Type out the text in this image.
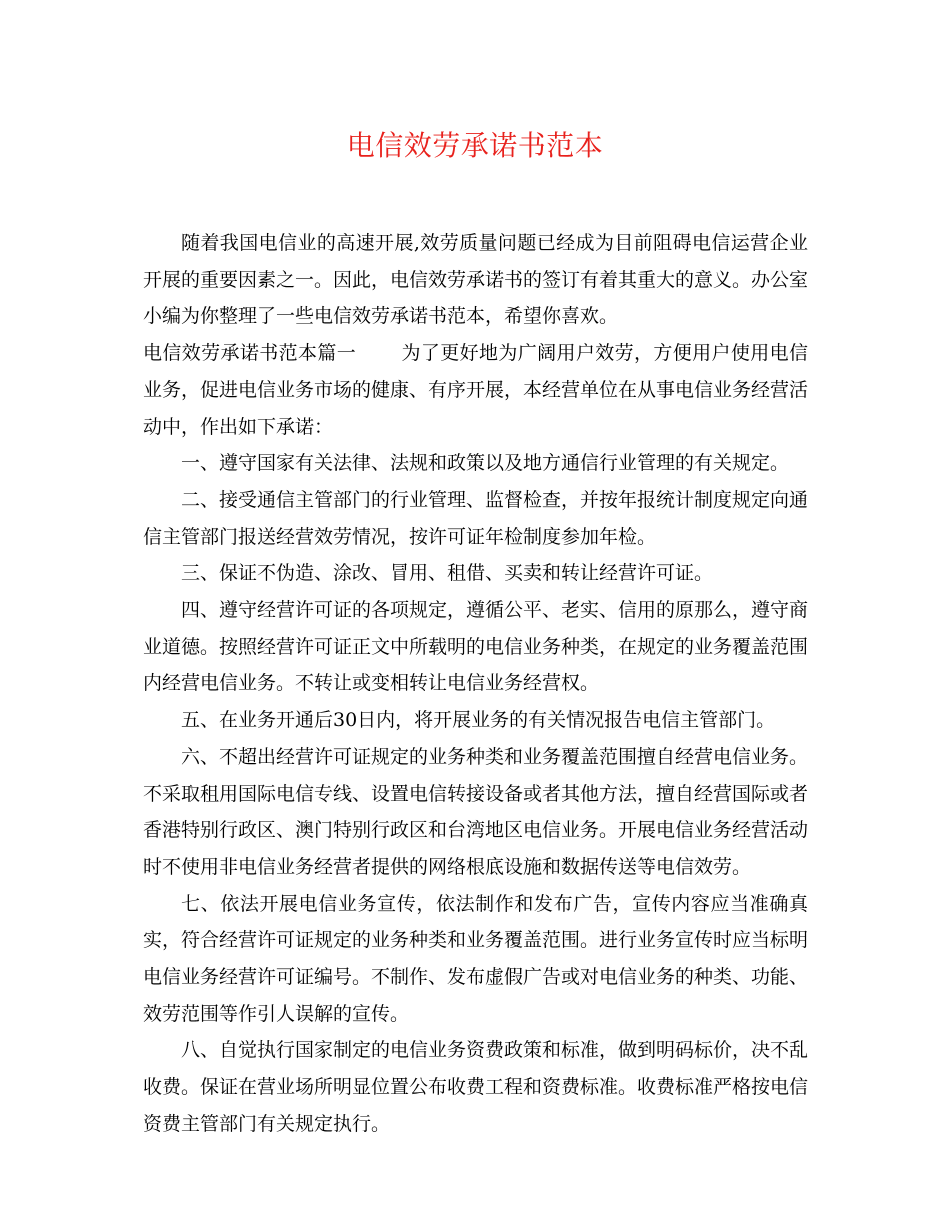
电信效劳承诺书范本

随着我国电信业的高速开展,效劳质量问题已经成为目前阻碍电信运营企业开展的重要因素之一。因此，电信效劳承诺书的签订有着其重大的意义。办公室小编为你整理了一些电信效劳承诺书范本，希望你喜欢。

电信效劳承诺书范本篇一 为了更好地为广阔用户效劳，方便用户使用电信业务，促进电信业务市场的健康、有序开展，本经营单位在从事电信业务经营活动中，作出如下承诺：

一、遵守国家有关法律、法规和政策以及地方通信行业管理的有关规定。

二、接受通信主管部门的行业管理、监督检查，并按年报统计制度规定向通信主管部门报送经营效劳情况，按许可证年检制度参加年检。

三、保证不伪造、涂改、冒用、租借、买卖和转让经营许可证。

四、遵守经营许可证的各项规定，遵循公平、老实、信用的原那么，遵守商业道德。按照经营许可证正文中所载明的电信业务种类，在规定的业务覆盖范围内经营电信业务。不转让或变相转让电信业务经营权。

五、在业务开通后30日内，将开展业务的有关情况报告电信主管部门。

六、不超出经营许可证规定的业务种类和业务覆盖范围擅自经营电信业务。不采取租用国际电信专线、设置电信转接设备或者其他方法，擅自经营国际或者香港特别行政区、澳门特别行政区和台湾地区电信业务。开展电信业务经营活动时不使用非电信业务经营者提供的网络根底设施和数据传送等电信效劳。

七、依法开展电信业务宣传，依法制作和发布广告，宣传内容应当准确真实，符合经营许可证规定的业务种类和业务覆盖范围。进行业务宣传时应当标明电信业务经营许可证编号。不制作、发布虚假广告或对电信业务的种类、功能、效劳范围等作引人误解的宣传。

八、自觉执行国家制定的电信业务资费政策和标准，做到明码标价，决不乱收费。保证在营业场所明显位置公布收费工程和资费标准。收费标准严格按电信资费主管部门有关规定执行。
